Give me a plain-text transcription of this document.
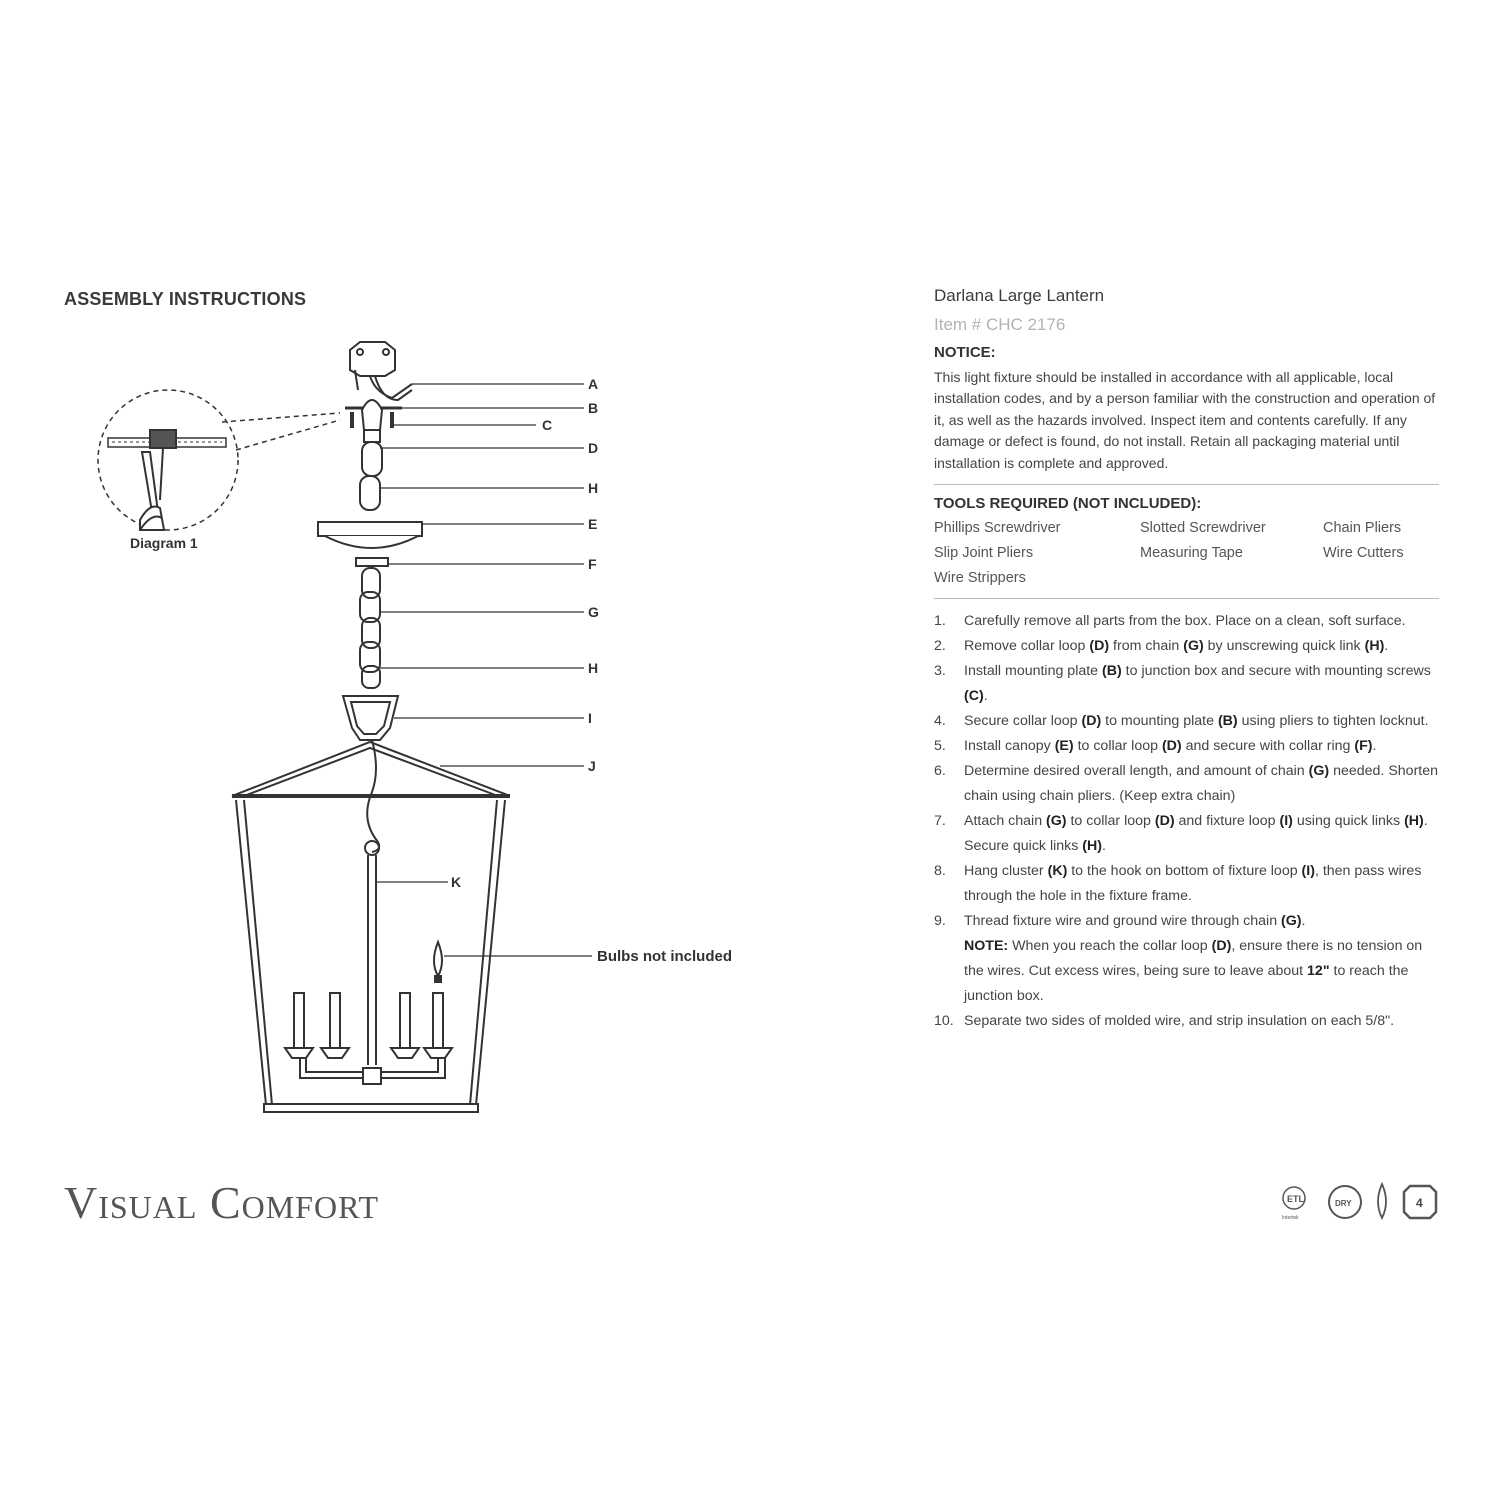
ASSEMBLY INSTRUCTIONS
Diagram 1
A
B
C
D
H
E
F
G
H
I
J
K
Bulbs not included
Visual Comfort	ETL
Intertek
DRY	4
Darlana Large Lantern
Item # CHC 2176
NOTICE:
This light fixture should be installed in accordance with all applicable, local installation codes, and by a person familiar with the construction and operation of it, as well as the hazards involved. Inspect item and contents carefully. If any damage or defect is found, do not install. Retain all packaging material until installation is complete and approved.
TOOLS REQUIRED (NOT INCLUDED):
Phillips Screwdriver	Slotted Screwdriver	Chain Pliers
Slip Joint Pliers	Measuring Tape	Wire Cutters
Wire Strippers
1. Carefully remove all parts from the box. Place on a clean, soft surface.
2. Remove collar loop (D) from chain (G) by unscrewing quick link (H).
3. Install mounting plate (B) to junction box and secure with mounting screws (C).
4. Secure collar loop (D) to mounting plate (B) using pliers to tighten locknut.
5. Install canopy (E) to collar loop (D) and secure with collar ring (F).
6. Determine desired overall length, and amount of chain (G) needed. Shorten chain using chain pliers. (Keep extra chain)
7. Attach chain (G) to collar loop (D) and fixture loop (I) using quick links (H). Secure quick links (H).
8. Hang cluster (K) to the hook on bottom of fixture loop (I), then pass wires through the hole in the fixture frame.
9. Thread fixture wire and ground wire through chain (G).
NOTE: When you reach the collar loop (D), ensure there is no tension on the wires. Cut excess wires, being sure to leave about 12" to reach the junction box.
10. Separate two sides of molded wire, and strip insulation on each 5/8".
